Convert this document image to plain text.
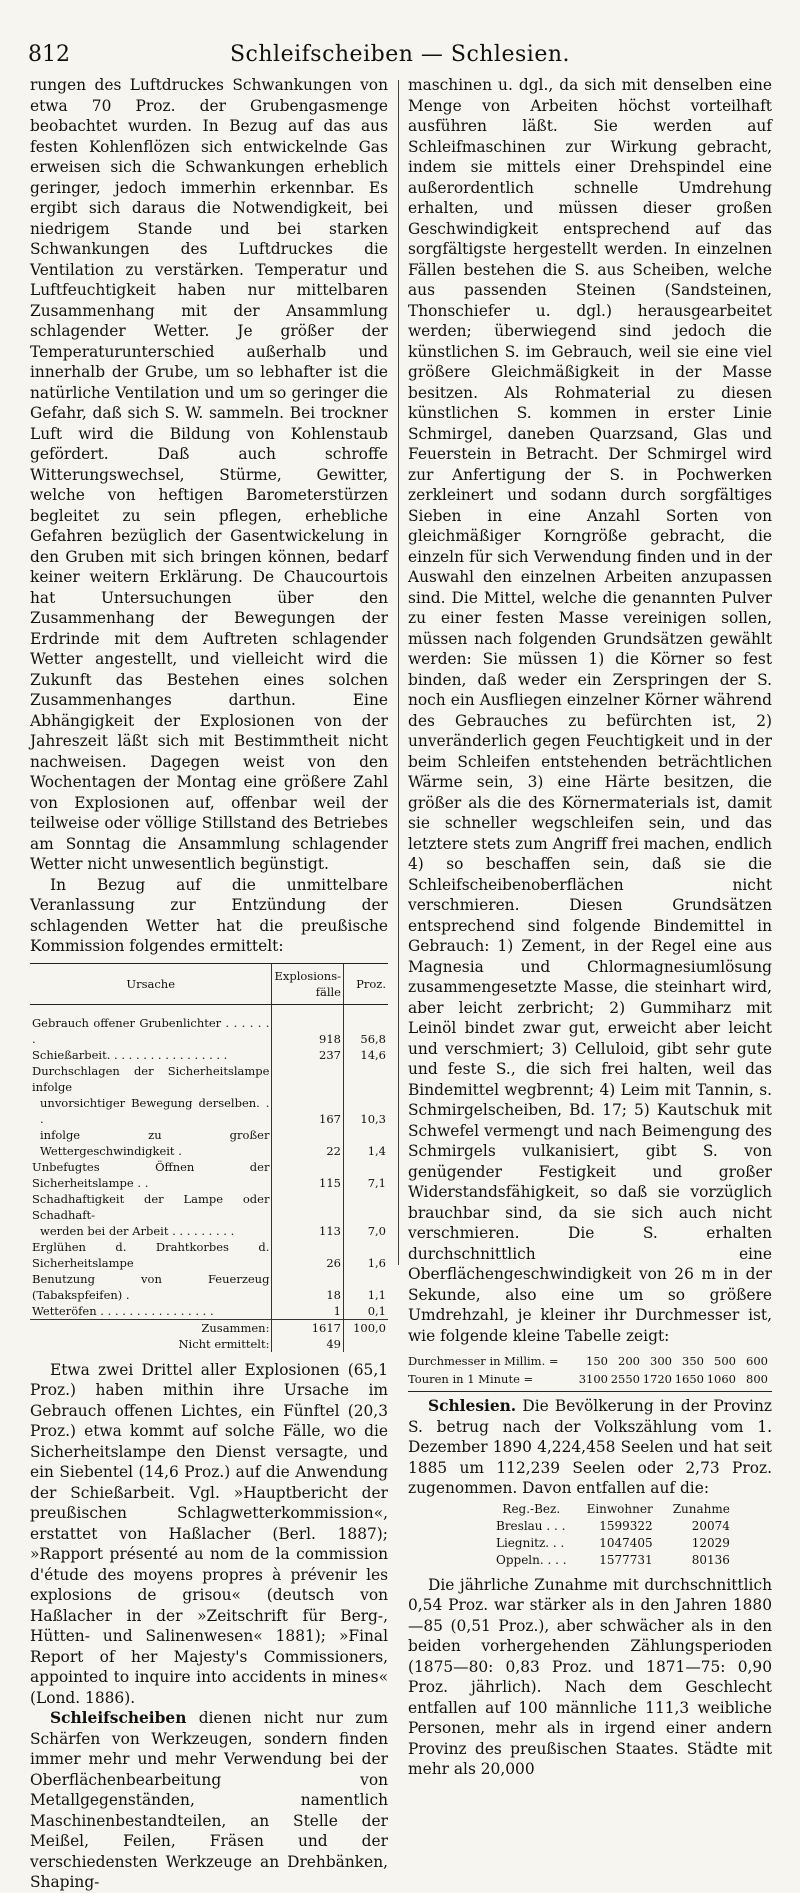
812	Schleifscheiben — Schlesien.

rungen des Luftdruckes Schwankungen von etwa 70 Proz. der Grubengasmenge beobachtet wurden. In Bezug auf das aus festen Kohlenflözen sich entwickelnde Gas erweisen sich die Schwankungen erheblich geringer, jedoch immerhin erkennbar. Es ergibt sich daraus die Notwendigkeit, bei niedrigem Stande und bei starken Schwankungen des Luftdruckes die Ventilation zu verstärken. Temperatur und Luftfeuchtigkeit haben nur mittelbaren Zusammenhang mit der Ansammlung schlagender Wetter. Je größer der Temperaturunterschied außerhalb und innerhalb der Grube, um so lebhafter ist die natürliche Ventilation und um so geringer die Gefahr, daß sich S. W. sammeln. Bei trockner Luft wird die Bildung von Kohlenstaub gefördert. Daß auch schroffe Witterungswechsel, Stürme, Gewitter, welche von heftigen Barometerstürzen begleitet zu sein pflegen, erhebliche Gefahren bezüglich der Gasentwickelung in den Gruben mit sich bringen können, bedarf keiner weitern Erklärung. De Chaucourtois hat Untersuchungen über den Zusammenhang der Bewegungen der Erdrinde mit dem Auftreten schlagender Wetter angestellt, und vielleicht wird die Zukunft das Bestehen eines solchen Zusammenhanges darthun. Eine Abhängigkeit der Explosionen von der Jahreszeit läßt sich mit Bestimmtheit nicht nachweisen. Dagegen weist von den Wochentagen der Montag eine größere Zahl von Explosionen auf, offenbar weil der teilweise oder völlige Stillstand des Betriebes am Sonntag die Ansammlung schlagender Wetter nicht unwesentlich begünstigt.

In Bezug auf die unmittelbare Veranlassung zur Entzündung der schlagenden Wetter hat die preußische Kommission folgendes ermittelt:

Ursache	Explosions-fälle	Proz.
Gebrauch offener Grubenlichter . . . . . . .	918	56,8
Schießarbeit. . . . . . . . . . . . . . . . .	237	14,6
Durchschlagen der Sicherheitslampe infolge		
unvorsichtiger Bewegung derselben. . .	167	10,3
infolge zu großer Wettergeschwindigkeit .	22	1,4
Unbefugtes Öffnen der Sicherheitslampe . .	115	7,1
Schadhaftigkeit der Lampe oder Schadhaft-		
werden bei der Arbeit . . . . . . . . .	113	7,0
Erglühen d. Drahtkorbes d. Sicherheitslampe	26	1,6
Benutzung von Feuerzeug (Tabakspfeifen) .	18	1,1
Wetteröfen . . . . . . . . . . . . . . . .	1	0,1
Zusammen:	1617	100,0
Nicht ermittelt:	49	

Etwa zwei Drittel aller Explosionen (65,1 Proz.) haben mithin ihre Ursache im Gebrauch offenen Lichtes, ein Fünftel (20,3 Proz.) etwa kommt auf solche Fälle, wo die Sicherheitslampe den Dienst versagte, und ein Siebentel (14,6 Proz.) auf die Anwendung der Schießarbeit. Vgl. »Hauptbericht der preußischen Schlagwetterkommission«, erstattet von Haßlacher (Berl. 1887); »Rapport présenté au nom de la commission d'étude des moyens propres à prévenir les explosions de grisou« (deutsch von Haßlacher in der »Zeitschrift für Berg-, Hütten- und Salinenwesen« 1881); »Final Report of her Majesty's Commissioners, appointed to inquire into accidents in mines« (Lond. 1886).

Schleifscheiben dienen nicht nur zum Schärfen von Werkzeugen, sondern finden immer mehr und mehr Verwendung bei der Oberflächenbearbeitung von Metallgegenständen, namentlich Maschinenbestandteilen, an Stelle der Meißel, Feilen, Fräsen und der verschiedensten Werkzeuge an Drehbänken, Shaping-

maschinen u. dgl., da sich mit denselben eine Menge von Arbeiten höchst vorteilhaft ausführen läßt. Sie werden auf Schleifmaschinen zur Wirkung gebracht, indem sie mittels einer Drehspindel eine außerordentlich schnelle Umdrehung erhalten, und müssen dieser großen Geschwindigkeit entsprechend auf das sorgfältigste hergestellt werden. In einzelnen Fällen bestehen die S. aus Scheiben, welche aus passenden Steinen (Sandsteinen, Thonschiefer u. dgl.) herausgearbeitet werden; überwiegend sind jedoch die künstlichen S. im Gebrauch, weil sie eine viel größere Gleichmäßigkeit in der Masse besitzen. Als Rohmaterial zu diesen künstlichen S. kommen in erster Linie Schmirgel, daneben Quarzsand, Glas und Feuerstein in Betracht. Der Schmirgel wird zur Anfertigung der S. in Pochwerken zerkleinert und sodann durch sorgfältiges Sieben in eine Anzahl Sorten von gleichmäßiger Korngröße gebracht, die einzeln für sich Verwendung finden und in der Auswahl den einzelnen Arbeiten anzupassen sind. Die Mittel, welche die genannten Pulver zu einer festen Masse vereinigen sollen, müssen nach folgenden Grundsätzen gewählt werden: Sie müssen 1) die Körner so fest binden, daß weder ein Zerspringen der S. noch ein Ausfliegen einzelner Körner während des Gebrauches zu befürchten ist, 2) unveränderlich gegen Feuchtigkeit und in der beim Schleifen entstehenden beträchtlichen Wärme sein, 3) eine Härte besitzen, die größer als die des Körnermaterials ist, damit sie schneller wegschleifen sein, und das letztere stets zum Angriff frei machen, endlich 4) so beschaffen sein, daß sie die Schleifscheibenoberflächen nicht verschmieren. Diesen Grundsätzen entsprechend sind folgende Bindemittel in Gebrauch: 1) Zement, in der Regel eine aus Magnesia und Chlormagnesiumlösung zusammengesetzte Masse, die steinhart wird, aber leicht zerbricht; 2) Gummiharz mit Leinöl bindet zwar gut, erweicht aber leicht und verschmiert; 3) Celluloid, gibt sehr gute und feste S., die sich frei halten, weil das Bindemittel wegbrennt; 4) Leim mit Tannin, s. Schmirgelscheiben, Bd. 17; 5) Kautschuk mit Schwefel vermengt und nach Beimengung des Schmirgels vulkanisiert, gibt S. von genügender Festigkeit und großer Widerstandsfähigkeit, so daß sie vorzüglich brauchbar sind, da sie sich auch nicht verschmieren. Die S. erhalten durchschnittlich eine Oberflächengeschwindigkeit von 26 m in der Sekunde, also eine um so größere Umdrehzahl, je kleiner ihr Durchmesser ist, wie folgende kleine Tabelle zeigt:

Durchmesser in Millim. =	150 200 300 350 500 600
Touren in 1 Minute =	3100 2550 1720 1650 1060 800

Schlesien. Die Bevölkerung in der Provinz S. betrug nach der Volkszählung vom 1. Dezember 1890 4,224,458 Seelen und hat seit 1885 um 112,239 Seelen oder 2,73 Proz. zugenommen. Davon entfallen auf die:

Reg.-Bez.	Einwohner	Zunahme
Breslau . . .	1599322	20074
Liegnitz. . .	1047405	12029
Oppeln. . . .	1577731	80136

Die jährliche Zunahme mit durchschnittlich 0,54 Proz. war stärker als in den Jahren 1880—85 (0,51 Proz.), aber schwächer als in den beiden vorhergehenden Zählungsperioden (1875—80: 0,83 Proz. und 1871—75: 0,90 Proz. jährlich). Nach dem Geschlecht entfallen auf 100 männliche 111,3 weibliche Personen, mehr als in irgend einer andern Provinz des preußischen Staates. Städte mit mehr als 20,000
